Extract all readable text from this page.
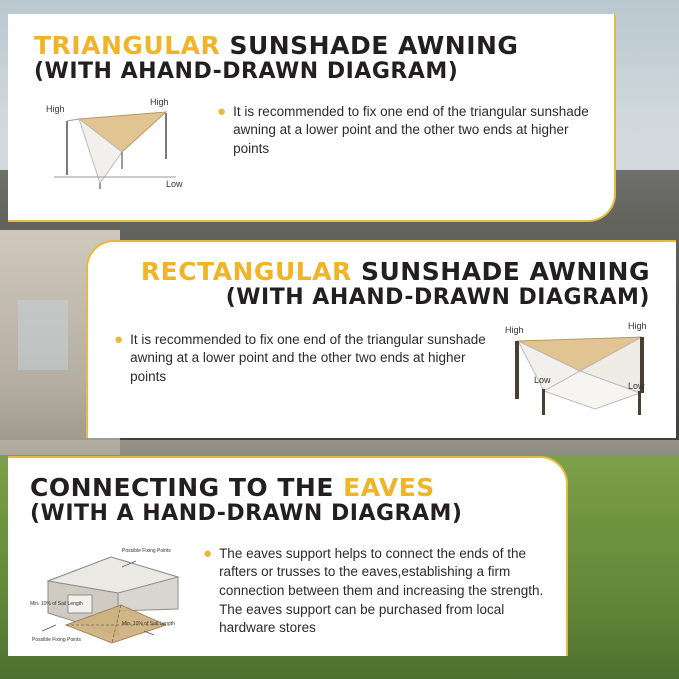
TRIANGULAR SUNSHADE AWNING
(WITH AHAND-DRAWN DIAGRAM)
High
High
Low
● It is recommended to fix one end of the triangular sunshade awning at a lower point and the other two ends at higher points
RECTANGULAR SUNSHADE AWNING
(WITH AHAND-DRAWN DIAGRAM)
● It is recommended to fix one end of the triangular sunshade awning at a lower point and the other two ends at higher points
High	High
Low
Low
CONNECTING TO THE EAVES
(WITH A HAND-DRAWN DIAGRAM)
Possible Fixing Points
Min. 10% of Sail Length
Min. 10% of Sail Length
Possible Fixing Points
● The eaves support helps to connect the ends of the rafters or trusses to the eaves,establishing a firm connection between them and increasing the strength. The eaves support can be purchased from local hardware stores
